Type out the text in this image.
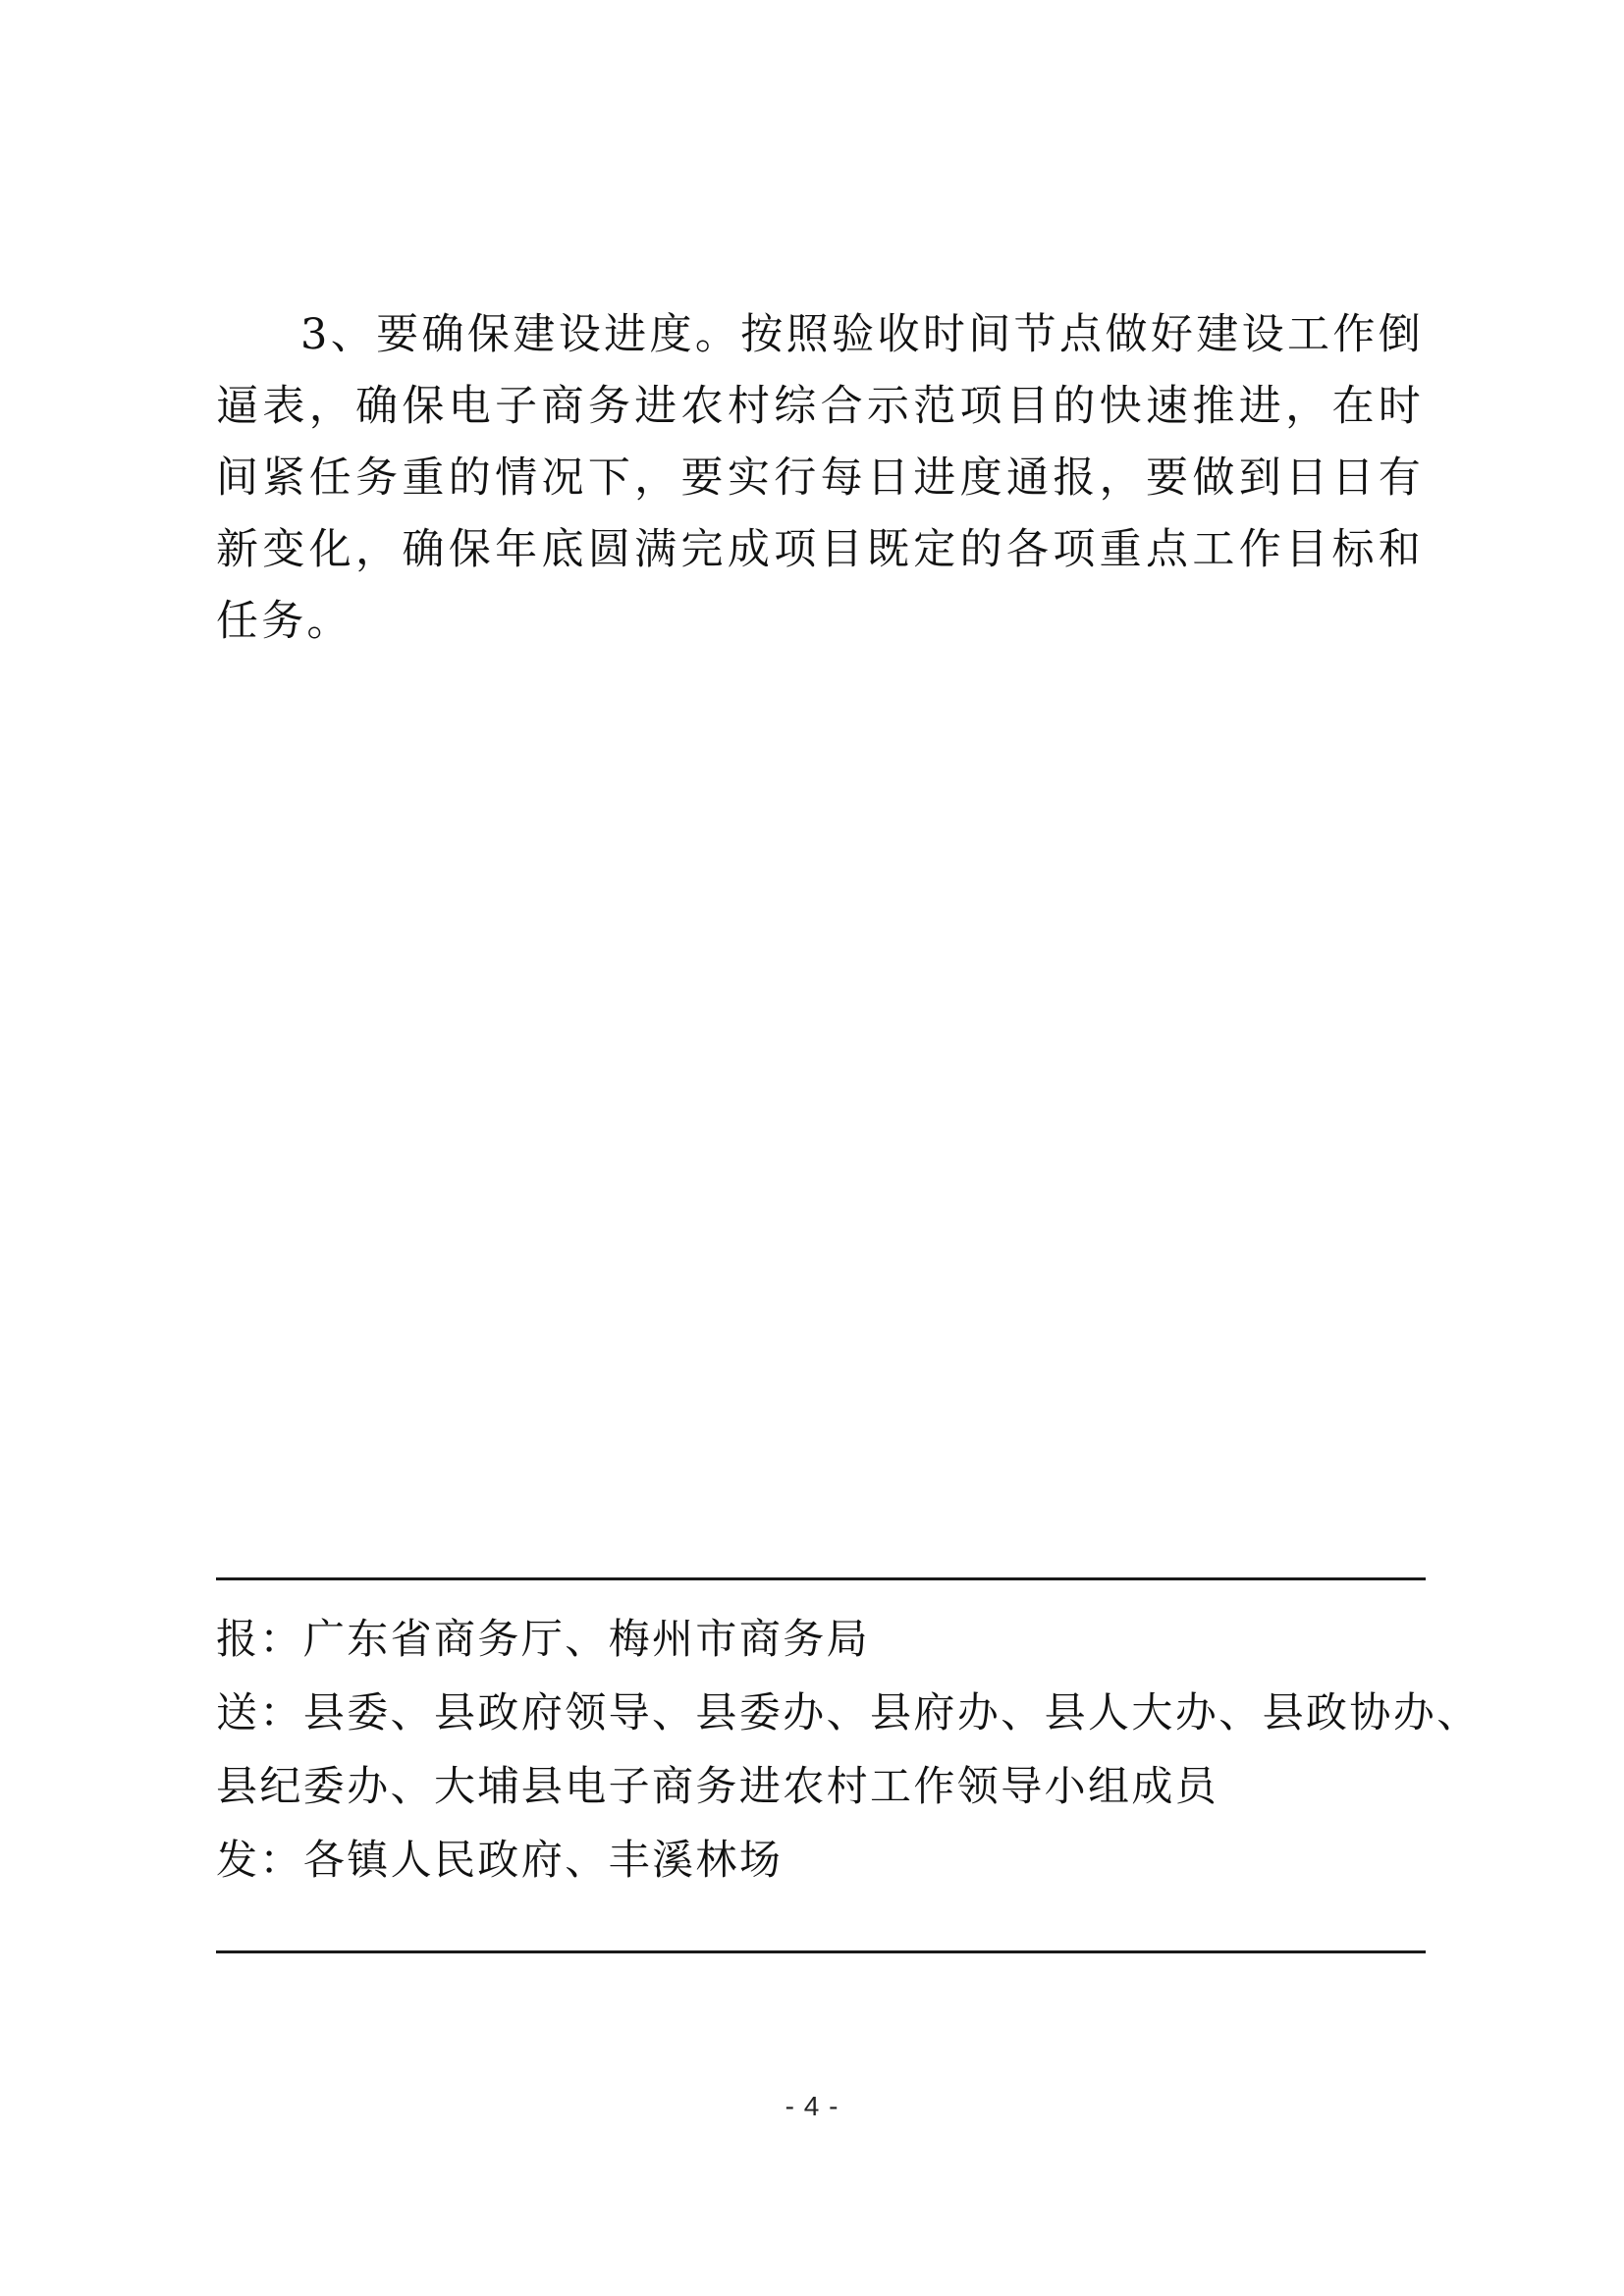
3、要确保建设进度。按照验收时间节点做好建设工作倒逼表，确保电子商务进农村综合示范项目的快速推进，在时间紧任务重的情况下，要实行每日进度通报，要做到日日有新变化，确保年底圆满完成项目既定的各项重点工作目标和任务。

报：广东省商务厅、梅州市商务局

送：县委、县政府领导、县委办、县府办、县人大办、县政协办、

县纪委办、大埔县电子商务进农村工作领导小组成员

发：各镇人民政府、丰溪林场

- 4 -
